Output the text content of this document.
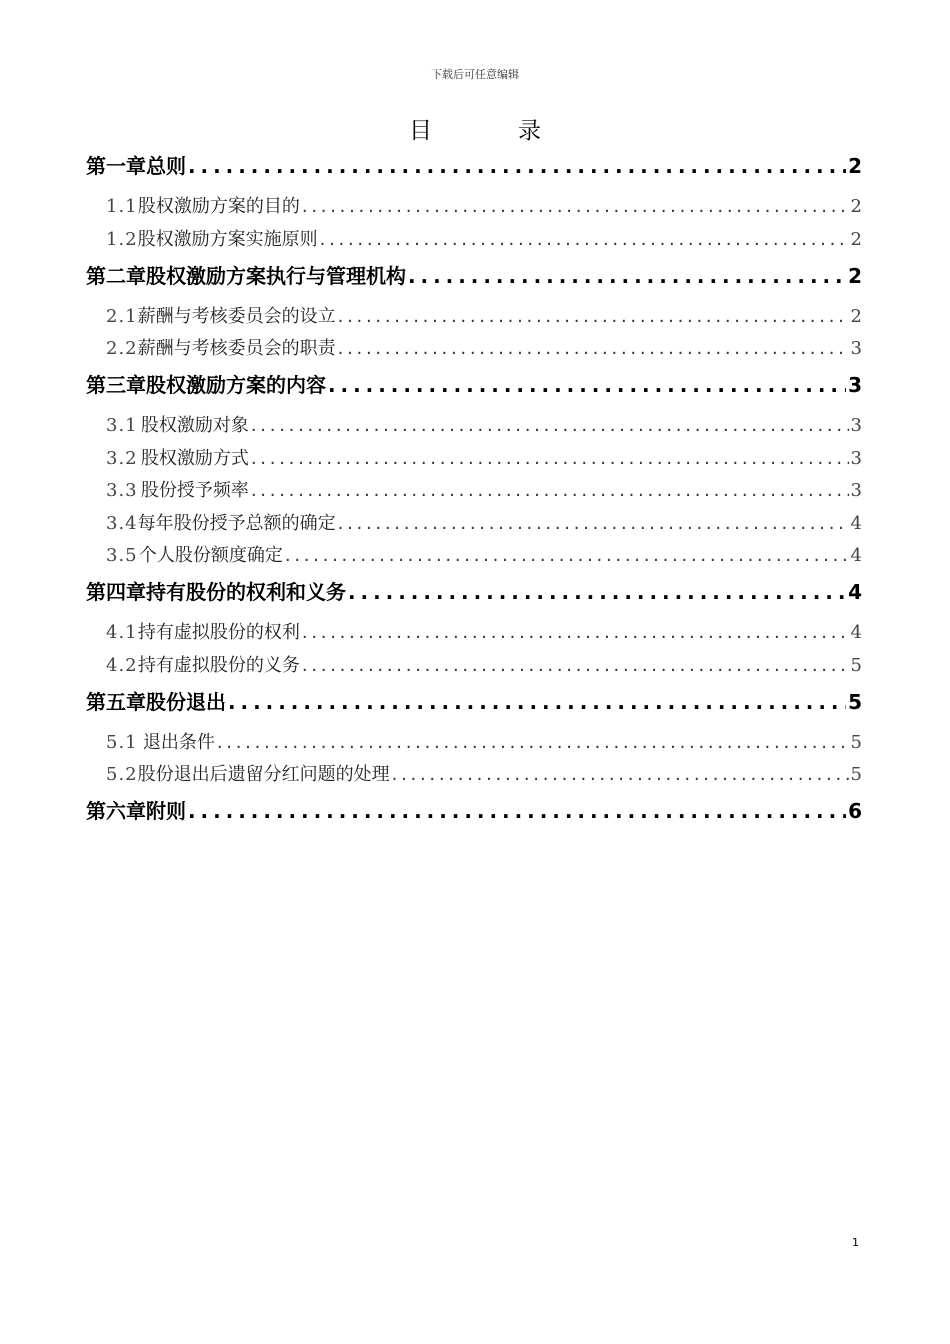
下载后可任意编辑
目	录
第一章 总则 . . .	2
1.1 股权激励方案的目的 . . .	2
1.2 股权激励方案实施原则 . . .	2
第二章 股权激励方案执行与管理机构 . . .	2
2.1 薪酬与考核委员会的设立 . . .	2
2.2 薪酬与考核委员会的职责 . . .	3
第三章 股权激励方案的内容 . . .	3
3.1 股权激励对象 . . .	3
3.2 股权激励方式 . . .	3
3.3 股份授予频率 . . .	3
3.4 每年股份授予总额的确定 . . .	4
3.5 个人股份额度确定 . . .	4
第四章 持有股份的权利和义务 . . .	4
4.1 持有虚拟股份的权利 . . .	4
4.2 持有虚拟股份的义务 . . .	5
第五章 股份退出 . . .	5
5.1 退出条件 . . .	5
5.2 股份退出后遗留分红问题的处理 . . .	5
第六章 附则 . . .	6
1
